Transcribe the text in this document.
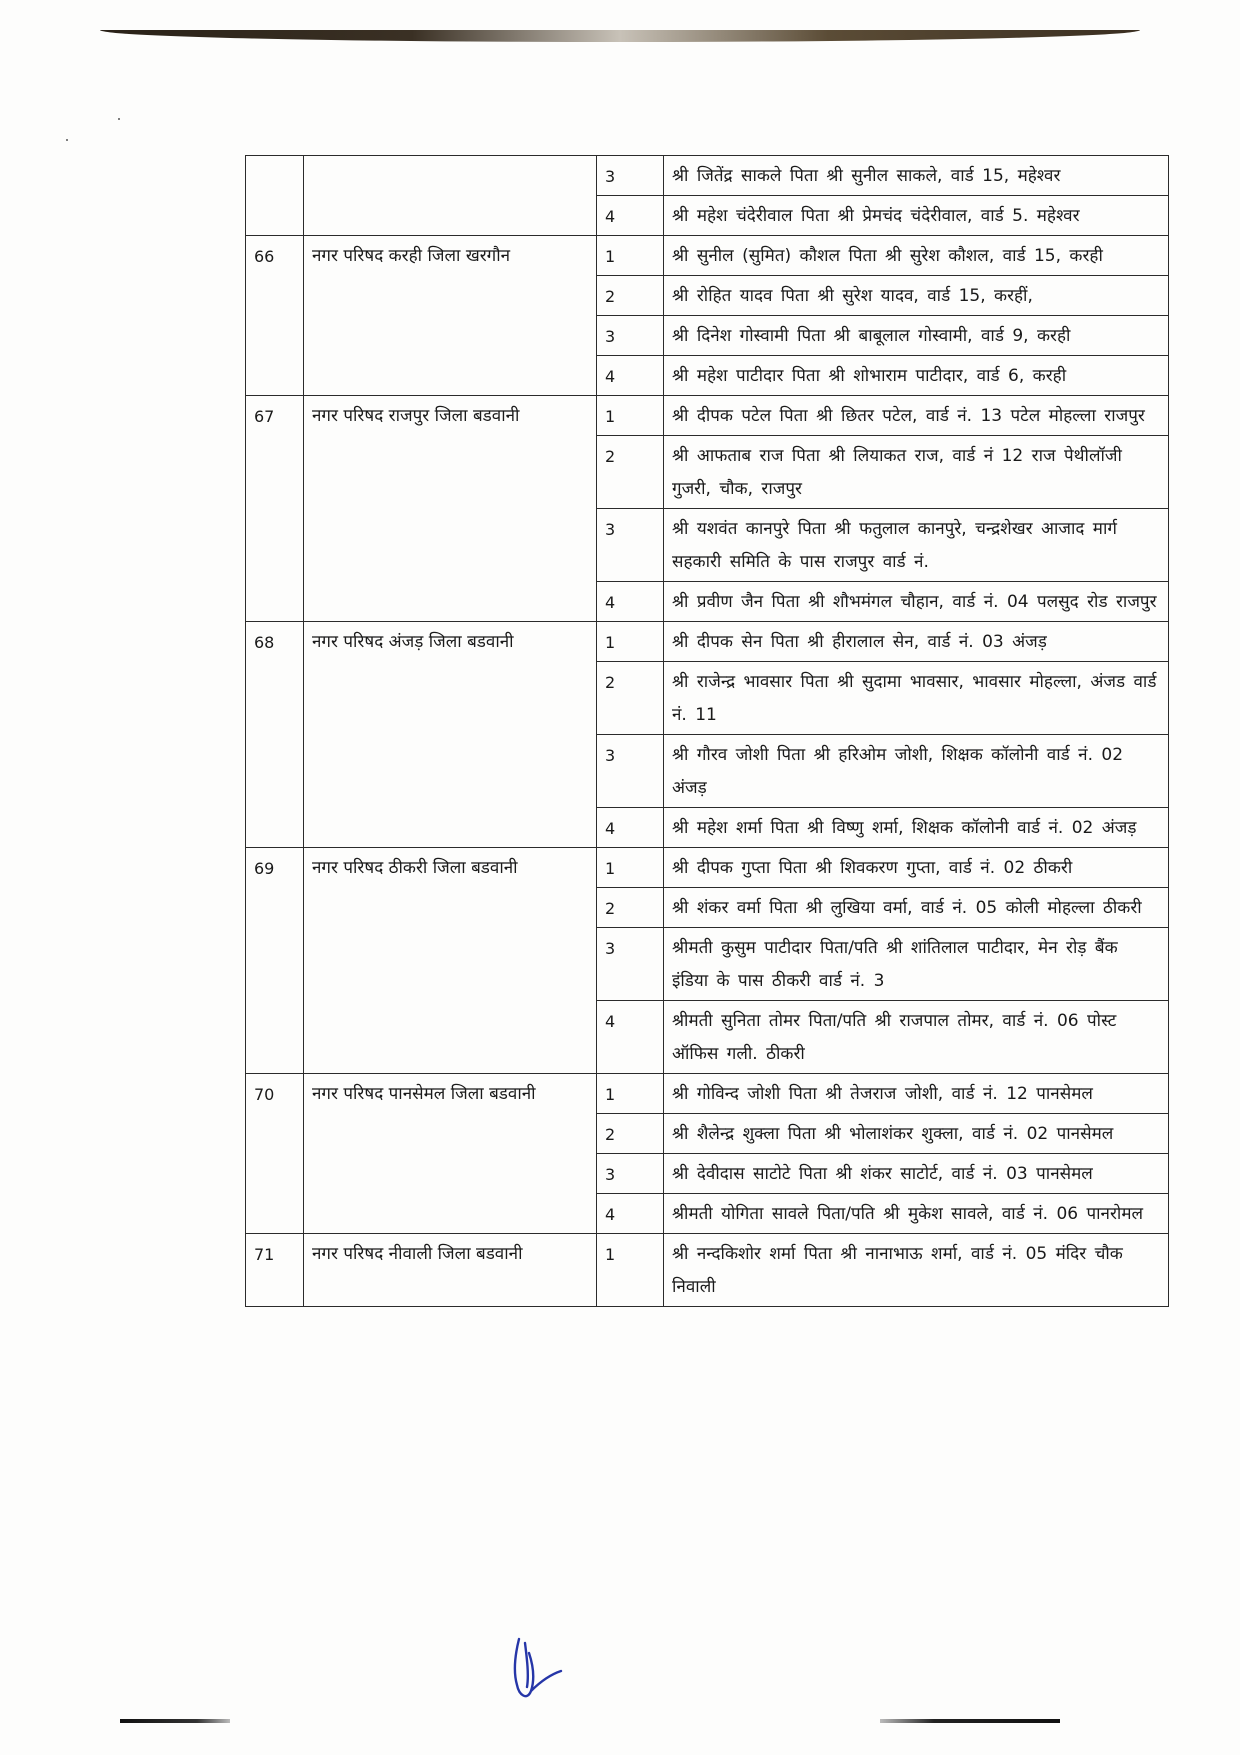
		3	श्री जितेंद्र साकले पिता श्री सुनील साकले, वार्ड 15, महेश्वर
		4	श्री महेश चंदेरीवाल पिता श्री प्रेमचंद चंदेरीवाल, वार्ड 5. महेश्वर
66	नगर परिषद करही जिला खरगौन	1	श्री सुनील (सुमित) कौशल पिता श्री सुरेश कौशल, वार्ड 15, करही
		2	श्री रोहित यादव पिता श्री सुरेश यादव, वार्ड 15, करहीं,
		3	श्री दिनेश गोस्वामी पिता श्री बाबूलाल गोस्वामी, वार्ड 9, करही
		4	श्री महेश पाटीदार पिता श्री शोभाराम पाटीदार, वार्ड 6, करही
67	नगर परिषद राजपुर जिला बडवानी	1	श्री दीपक पटेल पिता श्री छितर पटेल, वार्ड नं. 13 पटेल मोहल्ला राजपुर
		2	श्री आफताब राज पिता श्री लियाकत राज, वार्ड नं 12 राज पेथीलॉजी गुजरी, चौक, राजपुर
		3	श्री यशवंत कानपुरे पिता श्री फतुलाल कानपुरे, चन्द्रशेखर आजाद मार्ग सहकारी समिति के पास राजपुर वार्ड नं.
		4	श्री प्रवीण जैन पिता श्री शौभमंगल चौहान, वार्ड नं. 04 पलसुद रोड राजपुर
68	नगर परिषद अंजड़ जिला बडवानी	1	श्री दीपक सेन पिता श्री हीरालाल सेन, वार्ड नं. 03 अंजड़
		2	श्री राजेन्द्र भावसार पिता श्री सुदामा भावसार, भावसार मोहल्ला, अंजड वार्ड नं. 11
		3	श्री गौरव जोशी पिता श्री हरिओम जोशी, शिक्षक कॉलोनी वार्ड नं. 02 अंजड़
		4	श्री महेश शर्मा पिता श्री विष्णु शर्मा, शिक्षक कॉलोनी वार्ड नं. 02 अंजड़
69	नगर परिषद ठीकरी जिला बडवानी	1	श्री दीपक गुप्ता पिता श्री शिवकरण गुप्ता, वार्ड नं. 02 ठीकरी
		2	श्री शंकर वर्मा पिता श्री लुखिया वर्मा, वार्ड नं. 05 कोली मोहल्ला ठीकरी
		3	श्रीमती कुसुम पाटीदार पिता/पति श्री शांतिलाल पाटीदार, मेन रोड़ बैंक इंडिया के पास ठीकरी वार्ड नं. 3
		4	श्रीमती सुनिता तोमर पिता/पति श्री राजपाल तोमर, वार्ड नं. 06 पोस्ट ऑफिस गली. ठीकरी
70	नगर परिषद पानसेमल जिला बडवानी	1	श्री गोविन्द जोशी पिता श्री तेजराज जोशी, वार्ड नं. 12 पानसेमल
		2	श्री शैलेन्द्र शुक्ला पिता श्री भोलाशंकर शुक्ला, वार्ड नं. 02 पानसेमल
		3	श्री देवीदास साटोटे पिता श्री शंकर साटोर्ट, वार्ड नं. 03 पानसेमल
		4	श्रीमती योगिता सावले पिता/पति श्री मुकेश सावले, वार्ड नं. 06 पानरोमल
71	नगर परिषद नीवाली जिला बडवानी	1	श्री नन्दकिशोर शर्मा पिता श्री नानाभाऊ शर्मा, वार्ड नं. 05 मंदिर चौक निवाली
